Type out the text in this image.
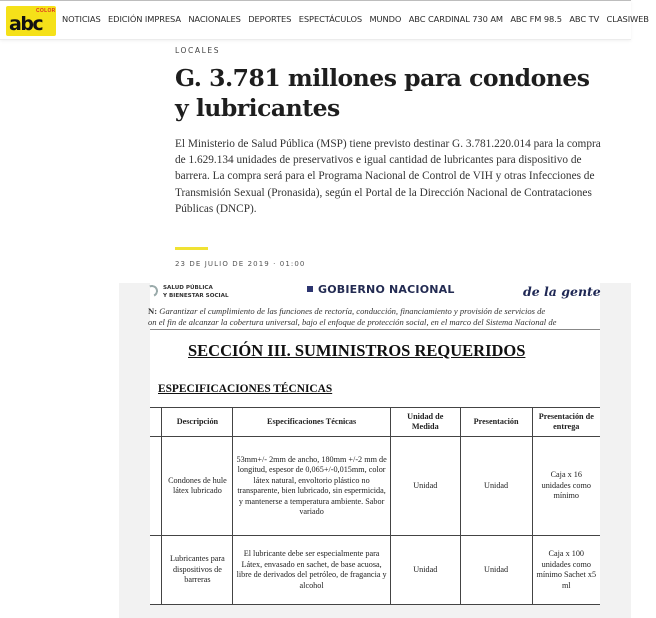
COLOR
abc NOTICIAS EDICIÓN IMPRESA NACIONALES DEPORTES ESPECTÁCULOS MUNDO ABC CARDINAL 730 AM ABC FM 98.5 ABC TV CLASIWEB
LOCALES
G. 3.781 millones para condones y lubricantes

El Ministerio de Salud Pública (MSP) tiene previsto destinar G. 3.781.220.014 para la compra de 1.629.134 unidades de preservativos e igual cantidad de lubricantes para dispositivo de barrera. La compra será para el Programa Nacional de Control de VIH y otras Infecciones de Transmisión Sexual (Pronasida), según el Portal de la Dirección Nacional de Contrataciones Públicas (DNCP).

23 DE JULIO DE 2019 · 01:00
SALUD PÚBLICA
Y BIENESTAR SOCIAL	GOBIERNO NACIONAL	de la gente
N: Garantizar el cumplimiento de las funciones de rectoría, conducción, financiamiento y provisión de servicios de
on el fin de alcanzar la cobertura universal, bajo el enfoque de protección social, en el marco del Sistema Nacional de
SECCIÓN III. SUMINISTROS REQUERIDOS
ESPECIFICACIONES TÉCNICAS
	Descripción	Especificaciones Técnicas	Unidad de Medida	Presentación	Presentación de entrega
	Condones de hule látex lubricado	53mm+/- 2mm de ancho, 180mm +/-2 mm de longitud, espesor de 0,065+/-0,015mm, color látex natural, envoltorio plástico no transparente, bien lubricado, sin espermicida, y mantenerse a temperatura ambiente. Sabor variado	Unidad	Unidad	Caja x 16 unidades como mínimo
	Lubricantes para dispositivos de barreras	El lubricante debe ser especialmente para Látex, envasado en sachet, de base acuosa, libre de derivados del petróleo, de fragancia y alcohol	Unidad	Unidad	Caja x 100 unidades como mínimo Sachet x5 ml
